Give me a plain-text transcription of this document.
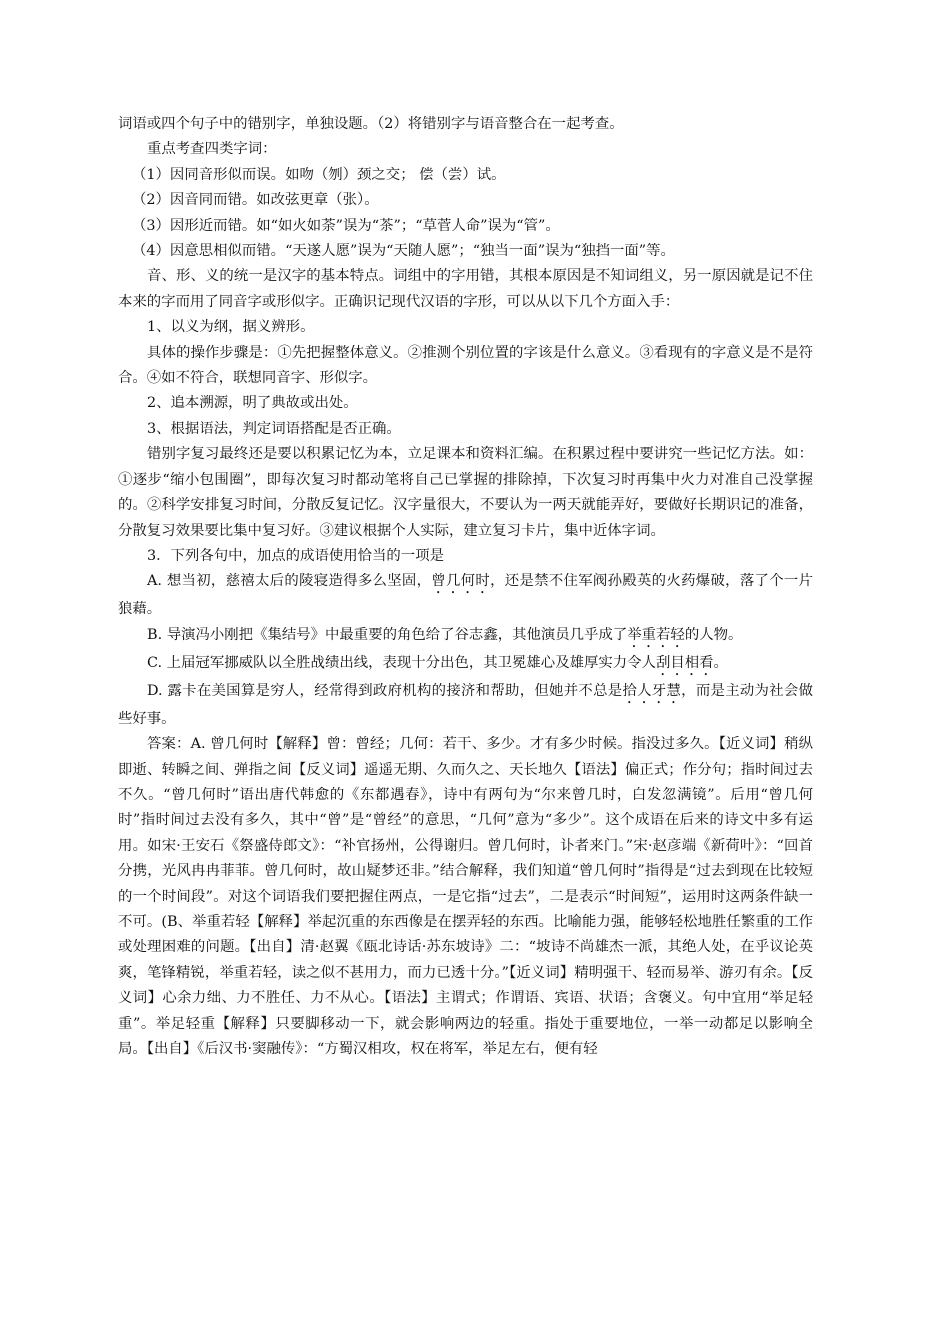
词语或四个句子中的错别字，单独设题。（2）将错别字与语音整合在一起考查。

重点考查四类字词：

（1）因同音形似而误。如吻（刎）颈之交； 偿（尝）试。

（2）因音同而错。如改弦更章（张）。

（3）因形近而错。如“如火如荼”误为“茶”；“草菅人命”误为“管”。

（4）因意思相似而错。“天遂人愿”误为“天随人愿”；“独当一面”误为“独挡一面”等。

音、形、义的统一是汉字的基本特点。词组中的字用错，其根本原因是不知词组义，另一原因就是记不住本来的字而用了同音字或形似字。正确识记现代汉语的字形，可以从以下几个方面入手：

1、以义为纲，据义辨形。

具体的操作步骤是：①先把握整体意义。②推测个别位置的字该是什么意义。③看现有的字意义是不是符合。④如不符合，联想同音字、形似字。

2、追本溯源，明了典故或出处。

3、根据语法，判定词语搭配是否正确。

错别字复习最终还是要以积累记忆为本，立足课本和资料汇编。在积累过程中要讲究一些记忆方法。如：①逐步“缩小包围圈”，即每次复习时都动笔将自己已掌握的排除掉，下次复习时再集中火力对准自己没掌握的。②科学安排复习时间，分散反复记忆。汉字量很大，不要认为一两天就能弄好，要做好长期识记的准备，分散复习效果要比集中复习好。③建议根据个人实际，建立复习卡片，集中近体字词。

3．下列各句中，加点的成语使用恰当的一项是

A. 想当初，慈禧太后的陵寝造得多么坚固，曾几何时，还是禁不住军阀孙殿英的火药爆破，落了个一片狼藉。

B. 导演冯小刚把《集结号》中最重要的角色给了谷志鑫，其他演员几乎成了举重若轻的人物。

C. 上届冠军挪威队以全胜战绩出线，表现十分出色，其卫冕雄心及雄厚实力令人刮目相看。

D. 露卡在美国算是穷人，经常得到政府机构的接济和帮助，但她并不总是拾人牙慧，而是主动为社会做些好事。

答案：A. 曾几何时【解释】曾：曾经；几何：若干、多少。才有多少时候。指没过多久。【近义词】稍纵即逝、转瞬之间、弹指之间【反义词】遥遥无期、久而久之、天长地久【语法】偏正式；作分句；指时间过去不久。“曾几何时”语出唐代韩愈的《东都遇春》，诗中有两句为“尔来曾几时，白发忽满镜”。后用“曾几何时”指时间过去没有多久，其中“曾”是“曾经”的意思，“几何”意为“多少”。这个成语在后来的诗文中多有运用。如宋·王安石《祭盛侍郎文》：“补官扬州，公得谢归。曾几何时，讣者来门。”宋·赵彦端《新荷叶》：“回首分携，光风冉冉菲菲。曾几何时，故山疑梦还非。”结合解释，我们知道“曾几何时”指得是“过去到现在比较短的一个时间段”。对这个词语我们要把握住两点，一是它指“过去”，二是表示“时间短”，运用时这两条件缺一不可。(B、举重若轻【解释】举起沉重的东西像是在摆弄轻的东西。比喻能力强，能够轻松地胜任繁重的工作或处理困难的问题。【出自】清·赵翼《瓯北诗话·苏东坡诗》二：“坡诗不尚雄杰一派，其绝人处，在乎议论英爽，笔锋精锐，举重若轻，读之似不甚用力，而力已透十分。”【近义词】精明强干、轻而易举、游刃有余。【反义词】心余力绌、力不胜任、力不从心。【语法】主谓式；作谓语、宾语、状语；含褒义。句中宜用“举足轻重”。举足轻重【解释】只要脚移动一下，就会影响两边的轻重。指处于重要地位，一举一动都足以影响全局。【出自】《后汉书·窦融传》：“方蜀汉相攻，权在将军，举足左右，便有轻
